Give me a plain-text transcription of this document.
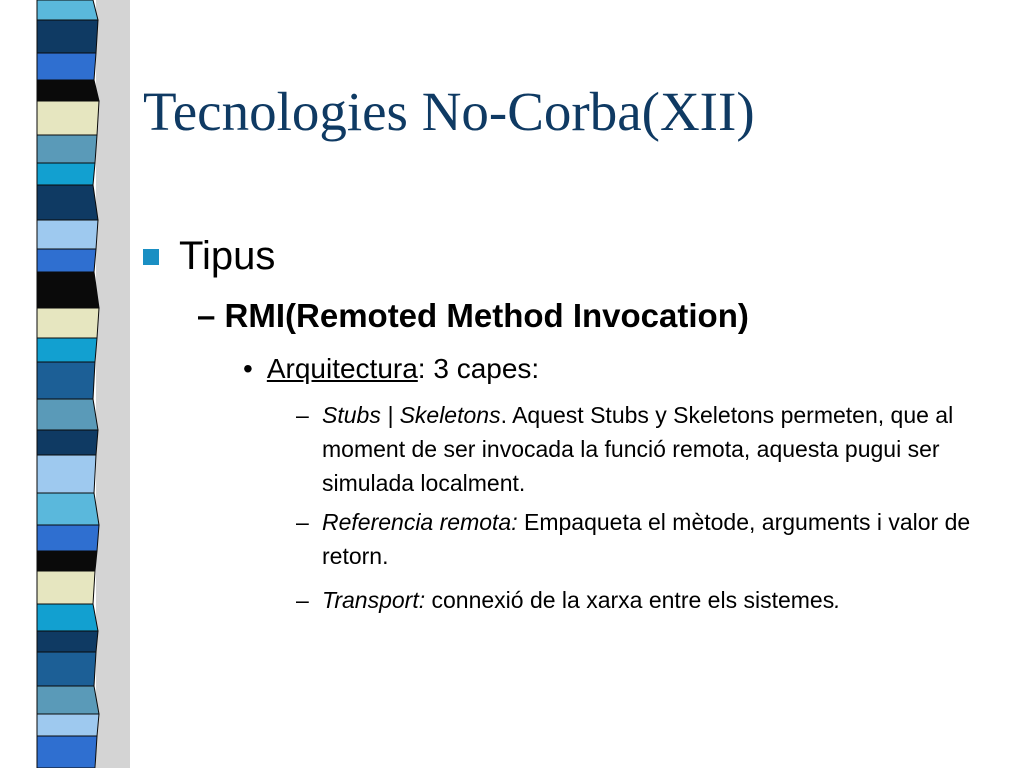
Tecnologies No-Corba(XII)
Tipus
– RMI(Remoted Method Invocation)
• Arquitectura: 3 capes:
– Stubs | Skeletons. Aquest Stubs y Skeletons permeten, que al moment de ser invocada la funció remota, aquesta pugui ser simulada localment.
– Referencia remota: Empaqueta el mètode, arguments i valor de retorn.
– Transport: connexió de la xarxa entre els sistemes.
